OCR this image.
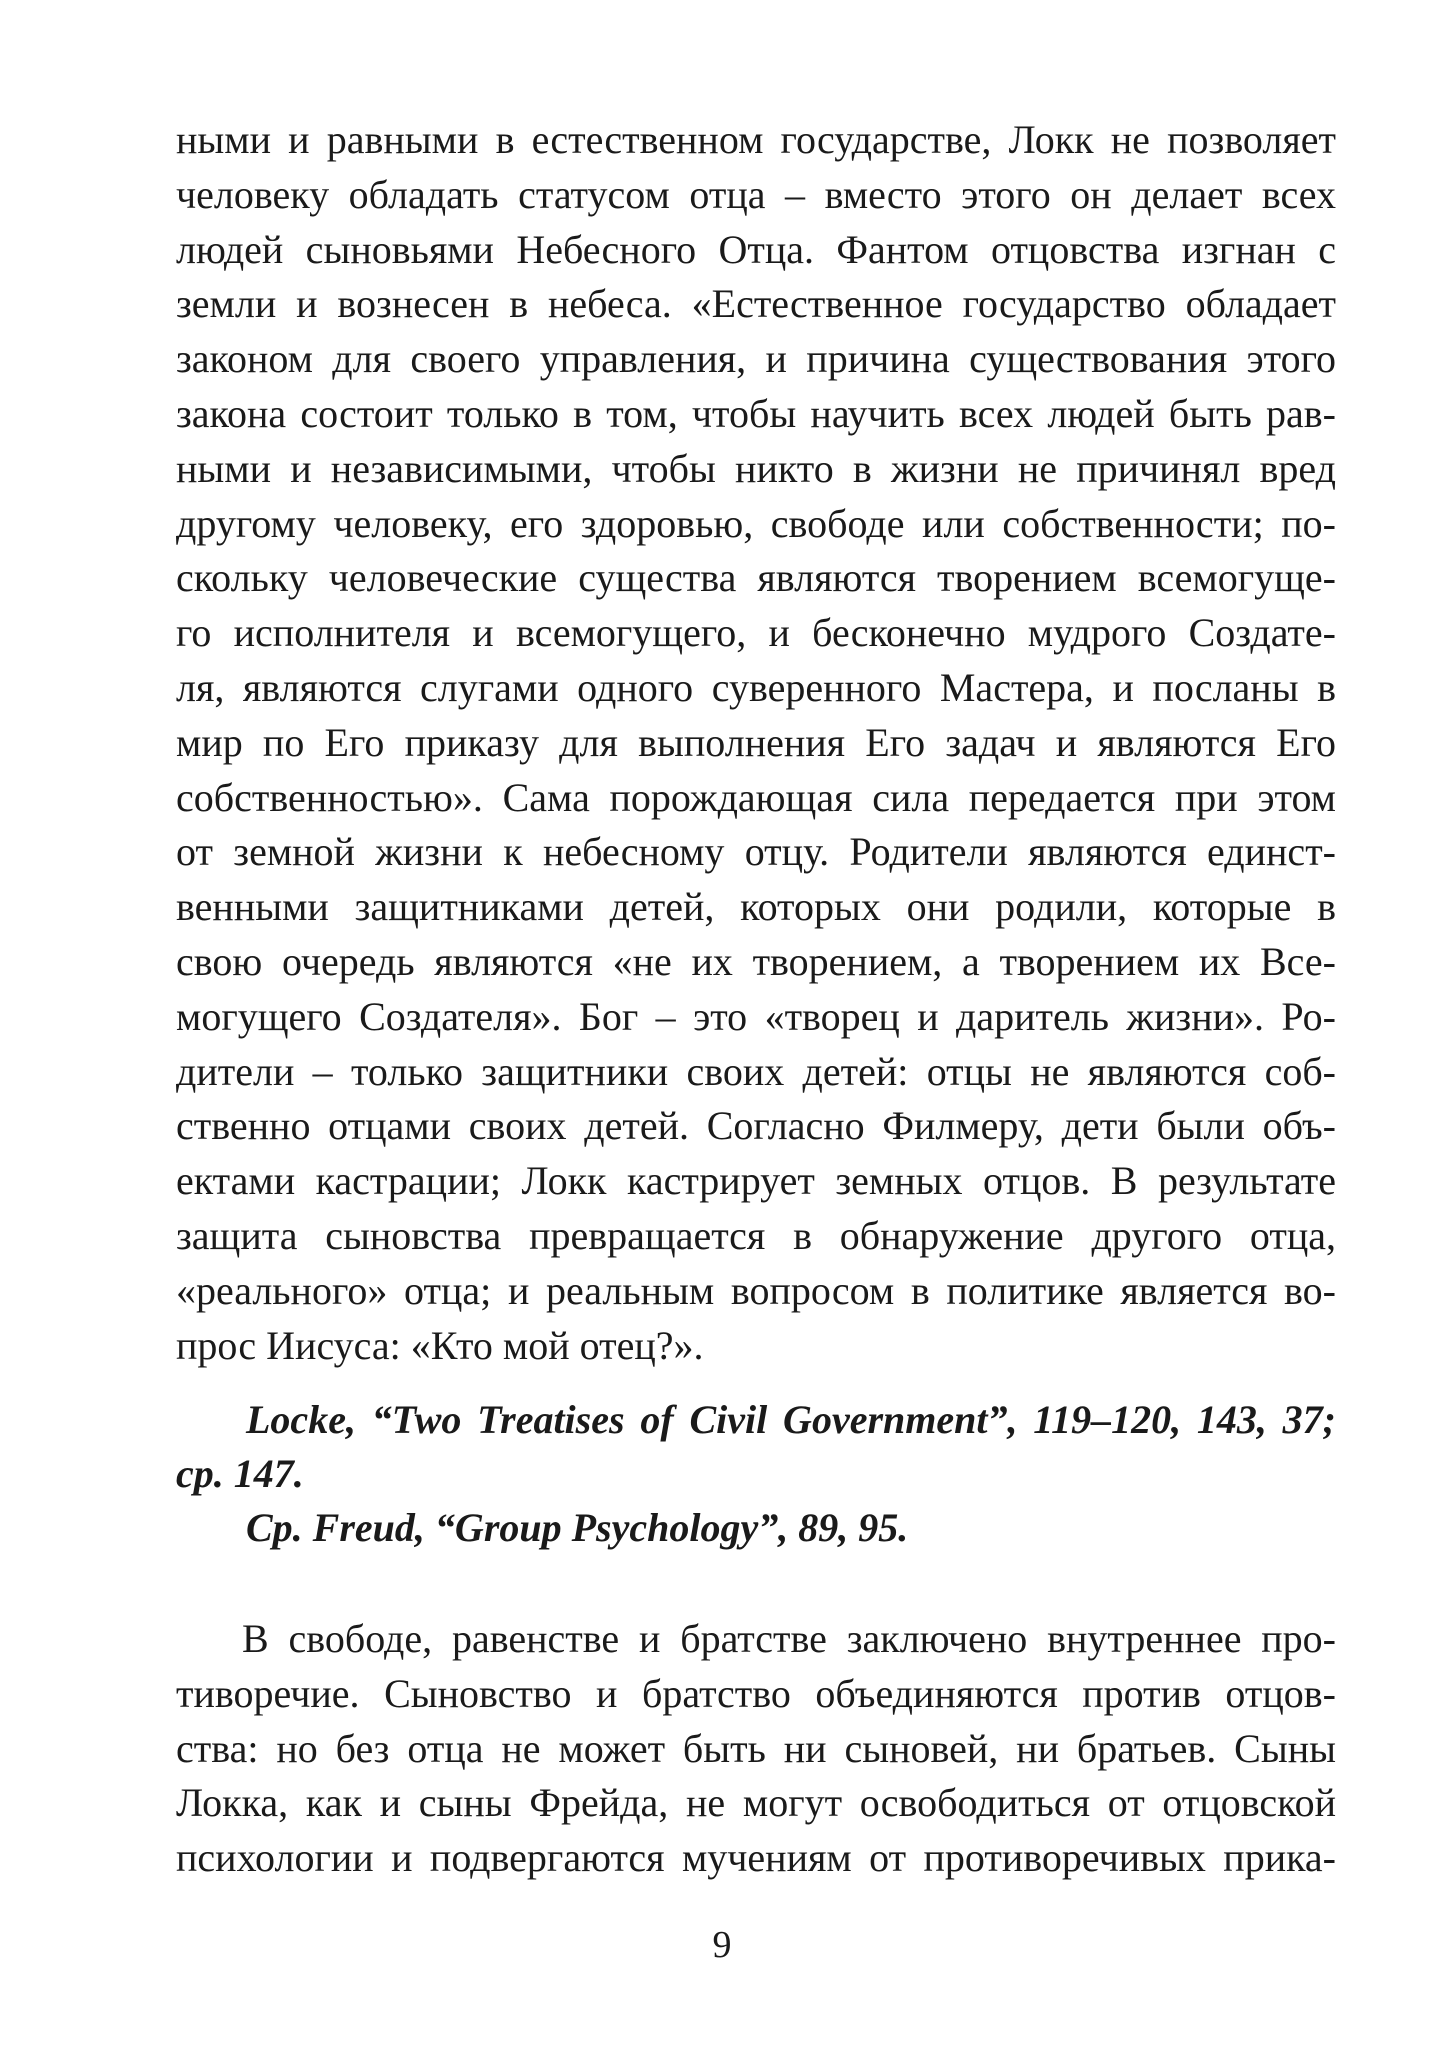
ными и равными в естественном государстве, Локк не позволяет
человеку обладать статусом отца – вместо этого он делает всех
людей сыновьями Небесного Отца. Фантом отцовства изгнан с
земли и вознесен в небеса. «Естественное государство обладает
законом для своего управления, и причина существования этого
закона состоит только в том, чтобы научить всех людей быть рав-
ными и независимыми, чтобы никто в жизни не причинял вред
другому человеку, его здоровью, свободе или собственности; по-
скольку человеческие существа являются творением всемогуще-
го исполнителя и всемогущего, и бесконечно мудрого Создате-
ля, являются слугами одного суверенного Мастера, и посланы в
мир по Его приказу для выполнения Его задач и являются Его
собственностью». Сама порождающая сила передается при этом
от земной жизни к небесному отцу. Родители являются единст-
венными защитниками детей, которых они родили, которые в
свою очередь являются «не их творением, а творением их Все-
могущего Создателя». Бог – это «творец и даритель жизни». Ро-
дители – только защитники своих детей: отцы не являются соб-
ственно отцами своих детей. Согласно Филмеру, дети были объ-
ектами кастрации; Локк кастрирует земных отцов. В результате
защита сыновства превращается в обнаружение другого отца,
«реального» отца; и реальным вопросом в политике является во-
прос Иисуса: «Кто мой отец?».
Locke, “Two Treatises of Civil Government”, 119–120, 143, 37;
ср. 147.
Cp. Freud, “Group Psychology”, 89, 95.
В свободе, равенстве и братстве заключено внутреннее про-
тиворечие. Сыновство и братство объединяются против отцов-
ства: но без отца не может быть ни сыновей, ни братьев. Сыны
Локка, как и сыны Фрейда, не могут освободиться от отцовской
психологии и подвергаются мучениям от противоречивых прика-
9
